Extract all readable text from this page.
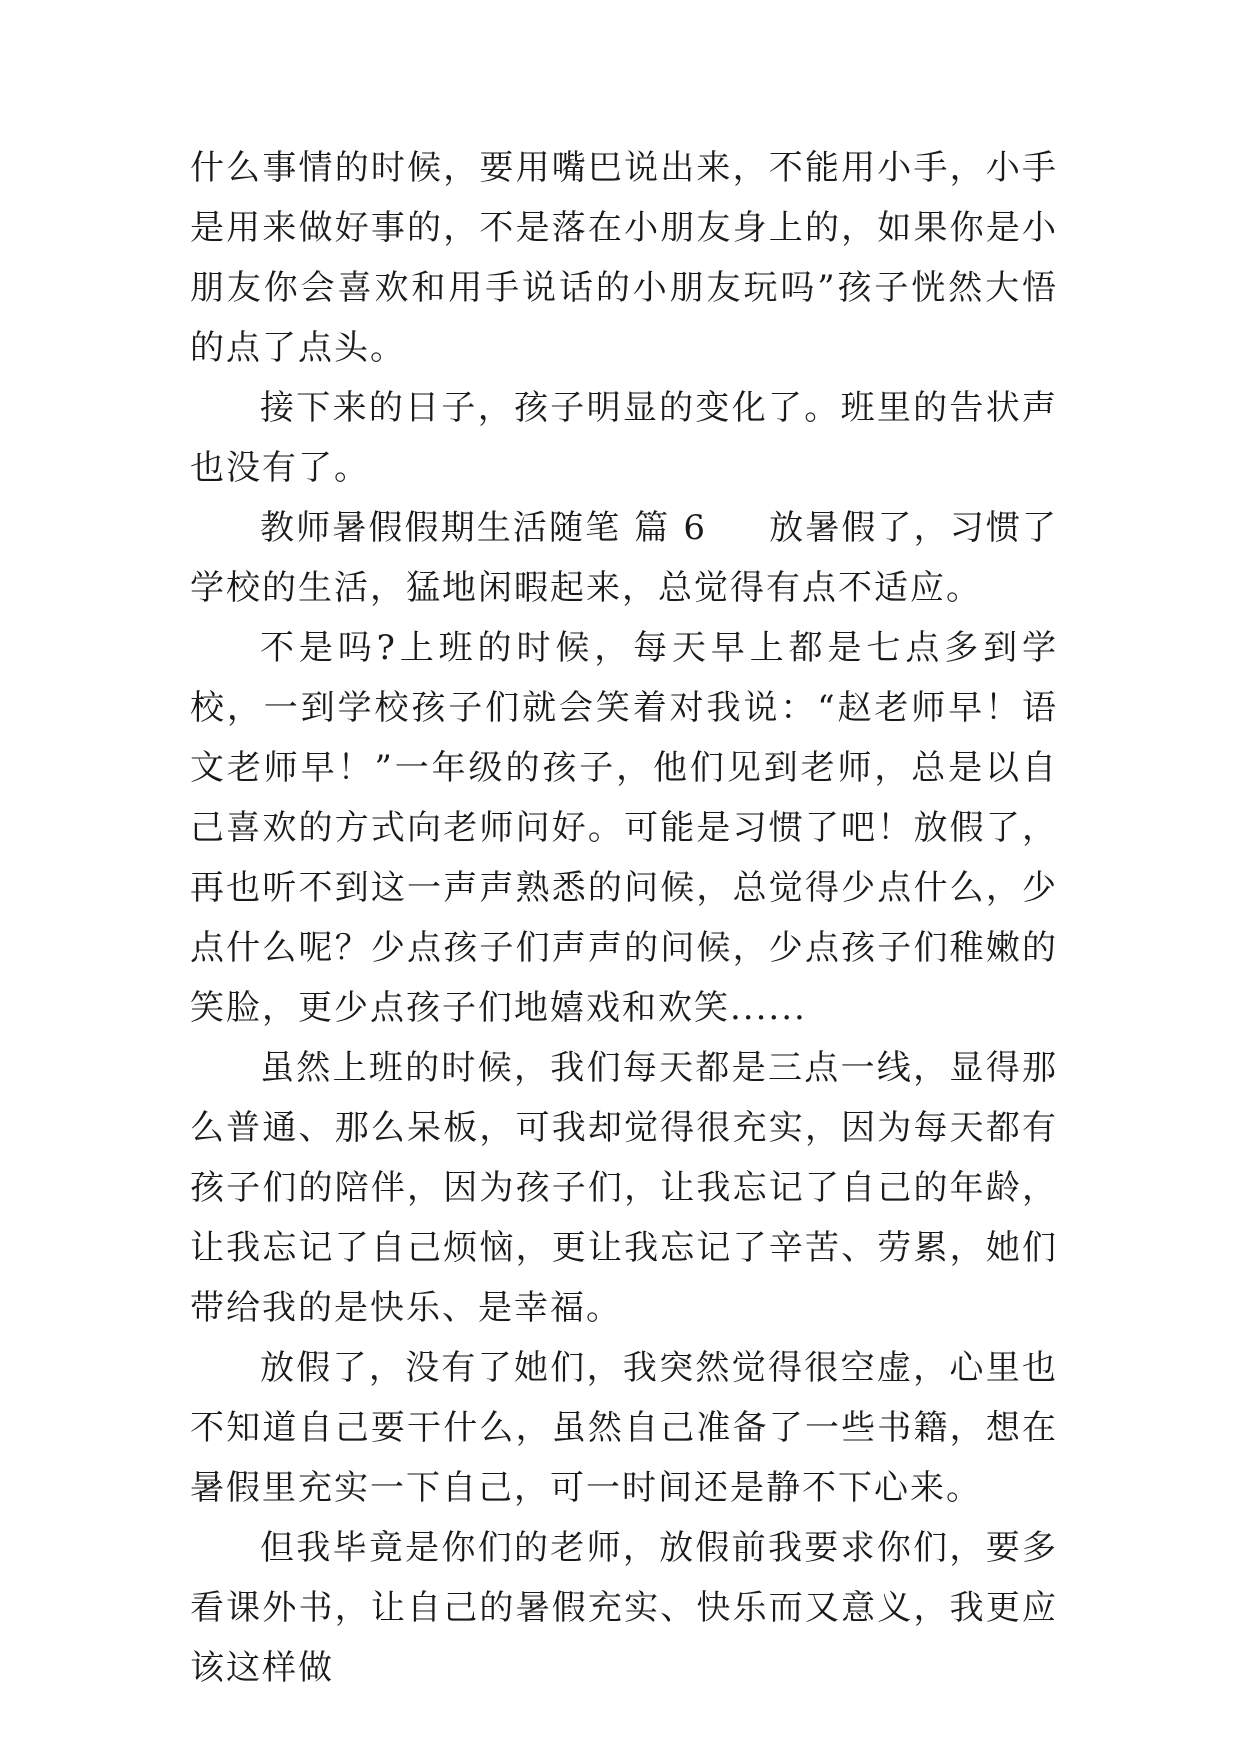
什么事情的时候，要用嘴巴说出来，不能用小手，小手是用来做好事的，不是落在小朋友身上的，如果你是小朋友你会喜欢和用手说话的小朋友玩吗”孩子恍然大悟的点了点头。

接下来的日子，孩子明显的变化了。班里的告状声也没有了。

教师暑假假期生活随笔 篇 6 放暑假了，习惯了学校的生活，猛地闲暇起来，总觉得有点不适应。

不是吗?上班的时候，每天早上都是七点多到学校，一到学校孩子们就会笑着对我说：“赵老师早！语文老师早！”一年级的孩子，他们见到老师，总是以自己喜欢的方式向老师问好。可能是习惯了吧！放假了，再也听不到这一声声熟悉的问候，总觉得少点什么，少点什么呢？少点孩子们声声的问候，少点孩子们稚嫩的笑脸，更少点孩子们地嬉戏和欢笑......

虽然上班的时候，我们每天都是三点一线，显得那么普通、那么呆板，可我却觉得很充实，因为每天都有孩子们的陪伴，因为孩子们，让我忘记了自己的年龄，让我忘记了自己烦恼，更让我忘记了辛苦、劳累，她们带给我的是快乐、是幸福。

放假了，没有了她们，我突然觉得很空虚，心里也不知道自己要干什么，虽然自己准备了一些书籍，想在暑假里充实一下自己，可一时间还是静不下心来。

但我毕竟是你们的老师，放假前我要求你们，要多看课外书，让自己的暑假充实、快乐而又意义，我更应该这样做
